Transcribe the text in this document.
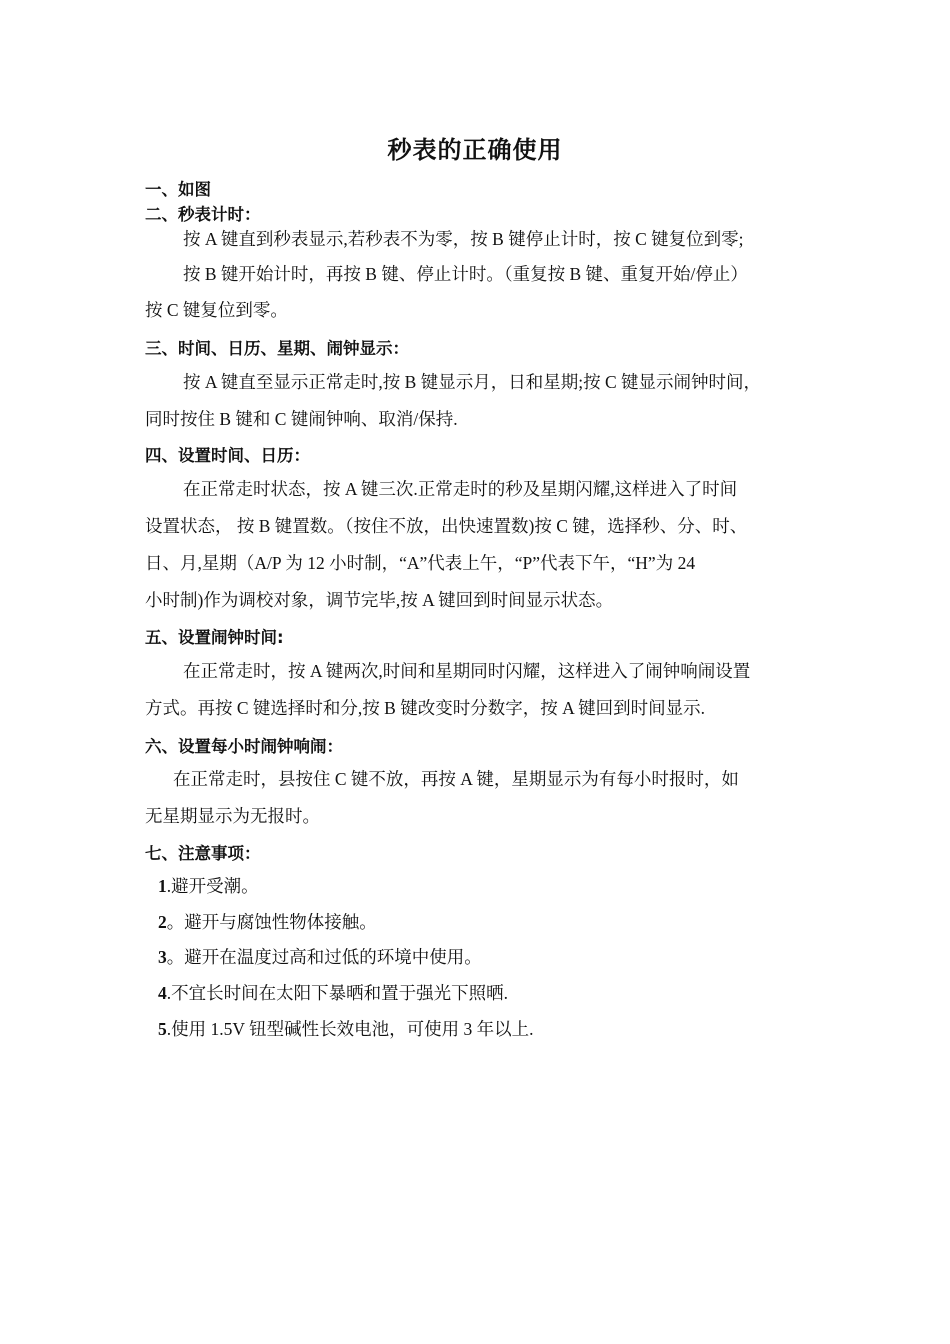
秒表的正确使用
一、如图
二、秒表计时：
按 A 键直到秒表显示,若秒表不为零，按 B 键停止计时，按 C 键复位到零;
按 B 键开始计时，再按 B 键、停止计时。（重复按 B 键、重复开始/停止）
按 C 键复位到零。
三、时间、日历、星期、闹钟显示：
按 A 键直至显示正常走时,按 B 键显示月，日和星期;按 C 键显示闹钟时间，
同时按住 B 键和 C 键闹钟响、取消/保持.
四、设置时间、日历：
在正常走时状态，按 A 键三次.正常走时的秒及星期闪耀,这样进入了时间
设置状态， 按 B 键置数。（按住不放，出快速置数)按 C 键，选择秒、分、时、
日、月,星期（A/P 为 12 小时制，“A”代表上午，“P”代表下午，“H”为 24
小时制)作为调校对象，调节完毕,按 A 键回到时间显示状态。
五、设置闹钟时间:
在正常走时，按 A 键两次,时间和星期同时闪耀，这样进入了闹钟响闹设置
方式。再按 C 键选择时和分,按 B 键改变时分数字，按 A 键回到时间显示.
六、设置每小时闹钟响闹：
在正常走时，县按住 C 键不放，再按 A 键，星期显示为有每小时报时，如
无星期显示为无报时。
七、注意事项：
1.避开受潮。
2。避开与腐蚀性物体接触。
3。避开在温度过高和过低的环境中使用。
4.不宜长时间在太阳下暴晒和置于强光下照晒.
5.使用 1.5V 钮型碱性长效电池，可使用 3 年以上.
